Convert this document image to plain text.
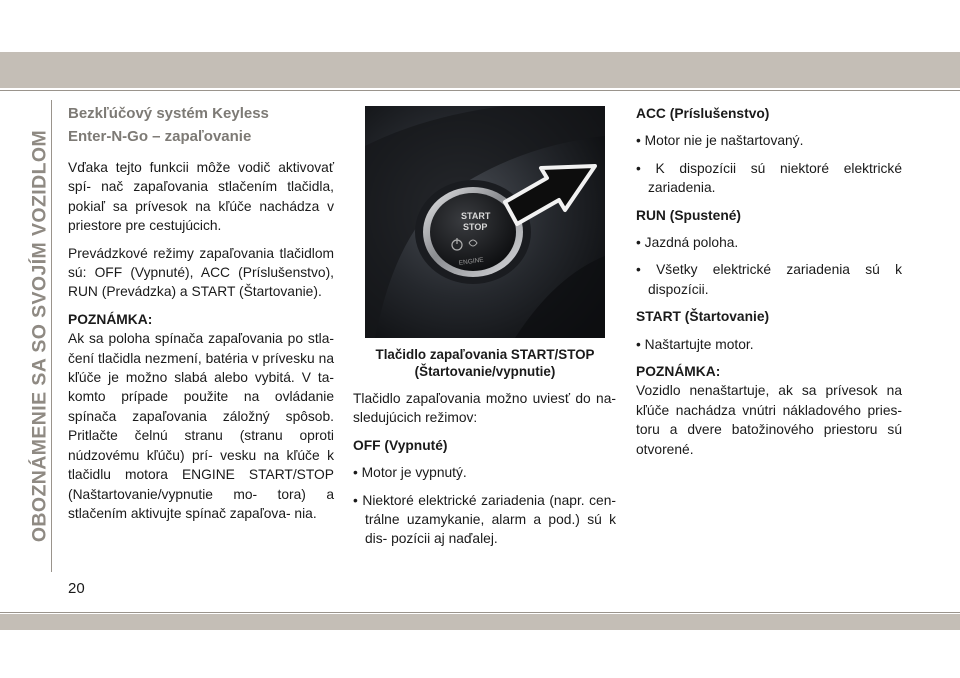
OBOZNÁMENIE SA SO SVOJÍM VOZIDLOM
Bezkľúčový systém Keyless
Enter-N-Go – zapaľovanie

Vďaka tejto funkcii môže vodič aktivovať spí- nač zapaľovania stlačením tlačidla, pokiaľ sa prívesok na kľúče nachádza v priestore pre cestujúcich.

Prevádzkové režimy zapaľovania tlačidlom sú: OFF (Vypnuté), ACC (Príslušenstvo), RUN (Prevádzka) a START (Štartovanie).

POZNÁMKA:

Ak sa poloha spínača zapaľovania po stla- čení tlačidla nezmení, batéria v prívesku na kľúče je možno slabá alebo vybitá. V ta- komto prípade použite na ovládanie spínača zapaľovania záložný spôsob. Pritlačte čelnú stranu (stranu oproti núdzovému kľúču) prí- vesku na kľúče k tlačidlu motora ENGINE START/STOP (Naštartovanie/vypnutie mo- tora) a stlačením aktivujte spínač zapaľova- nia.

START
STOP
ENGINE
Tlačidlo zapaľovania START/STOP
(Štartovanie/vypnutie)

Tlačidlo zapaľovania možno uviesť do na- sledujúcich režimov:

OFF (Vypnuté)
• Motor je vypnutý.
• Niektoré elektrické zariadenia (napr. cen- trálne uzamykanie, alarm a pod.) sú k dis- pozícii aj naďalej.
ACC (Príslušenstvo)
• Motor nie je naštartovaný.
• K dispozícii sú niektoré elektrické zariadenia.
RUN (Spustené)
• Jazdná poloha.
• Všetky elektrické zariadenia sú k dispozícii.
START (Štartovanie)
• Naštartujte motor.
POZNÁMKA:

Vozidlo nenaštartuje, ak sa prívesok na kľúče nachádza vnútri nákladového pries- toru a dvere batožinového priestoru sú otvorené.

20
